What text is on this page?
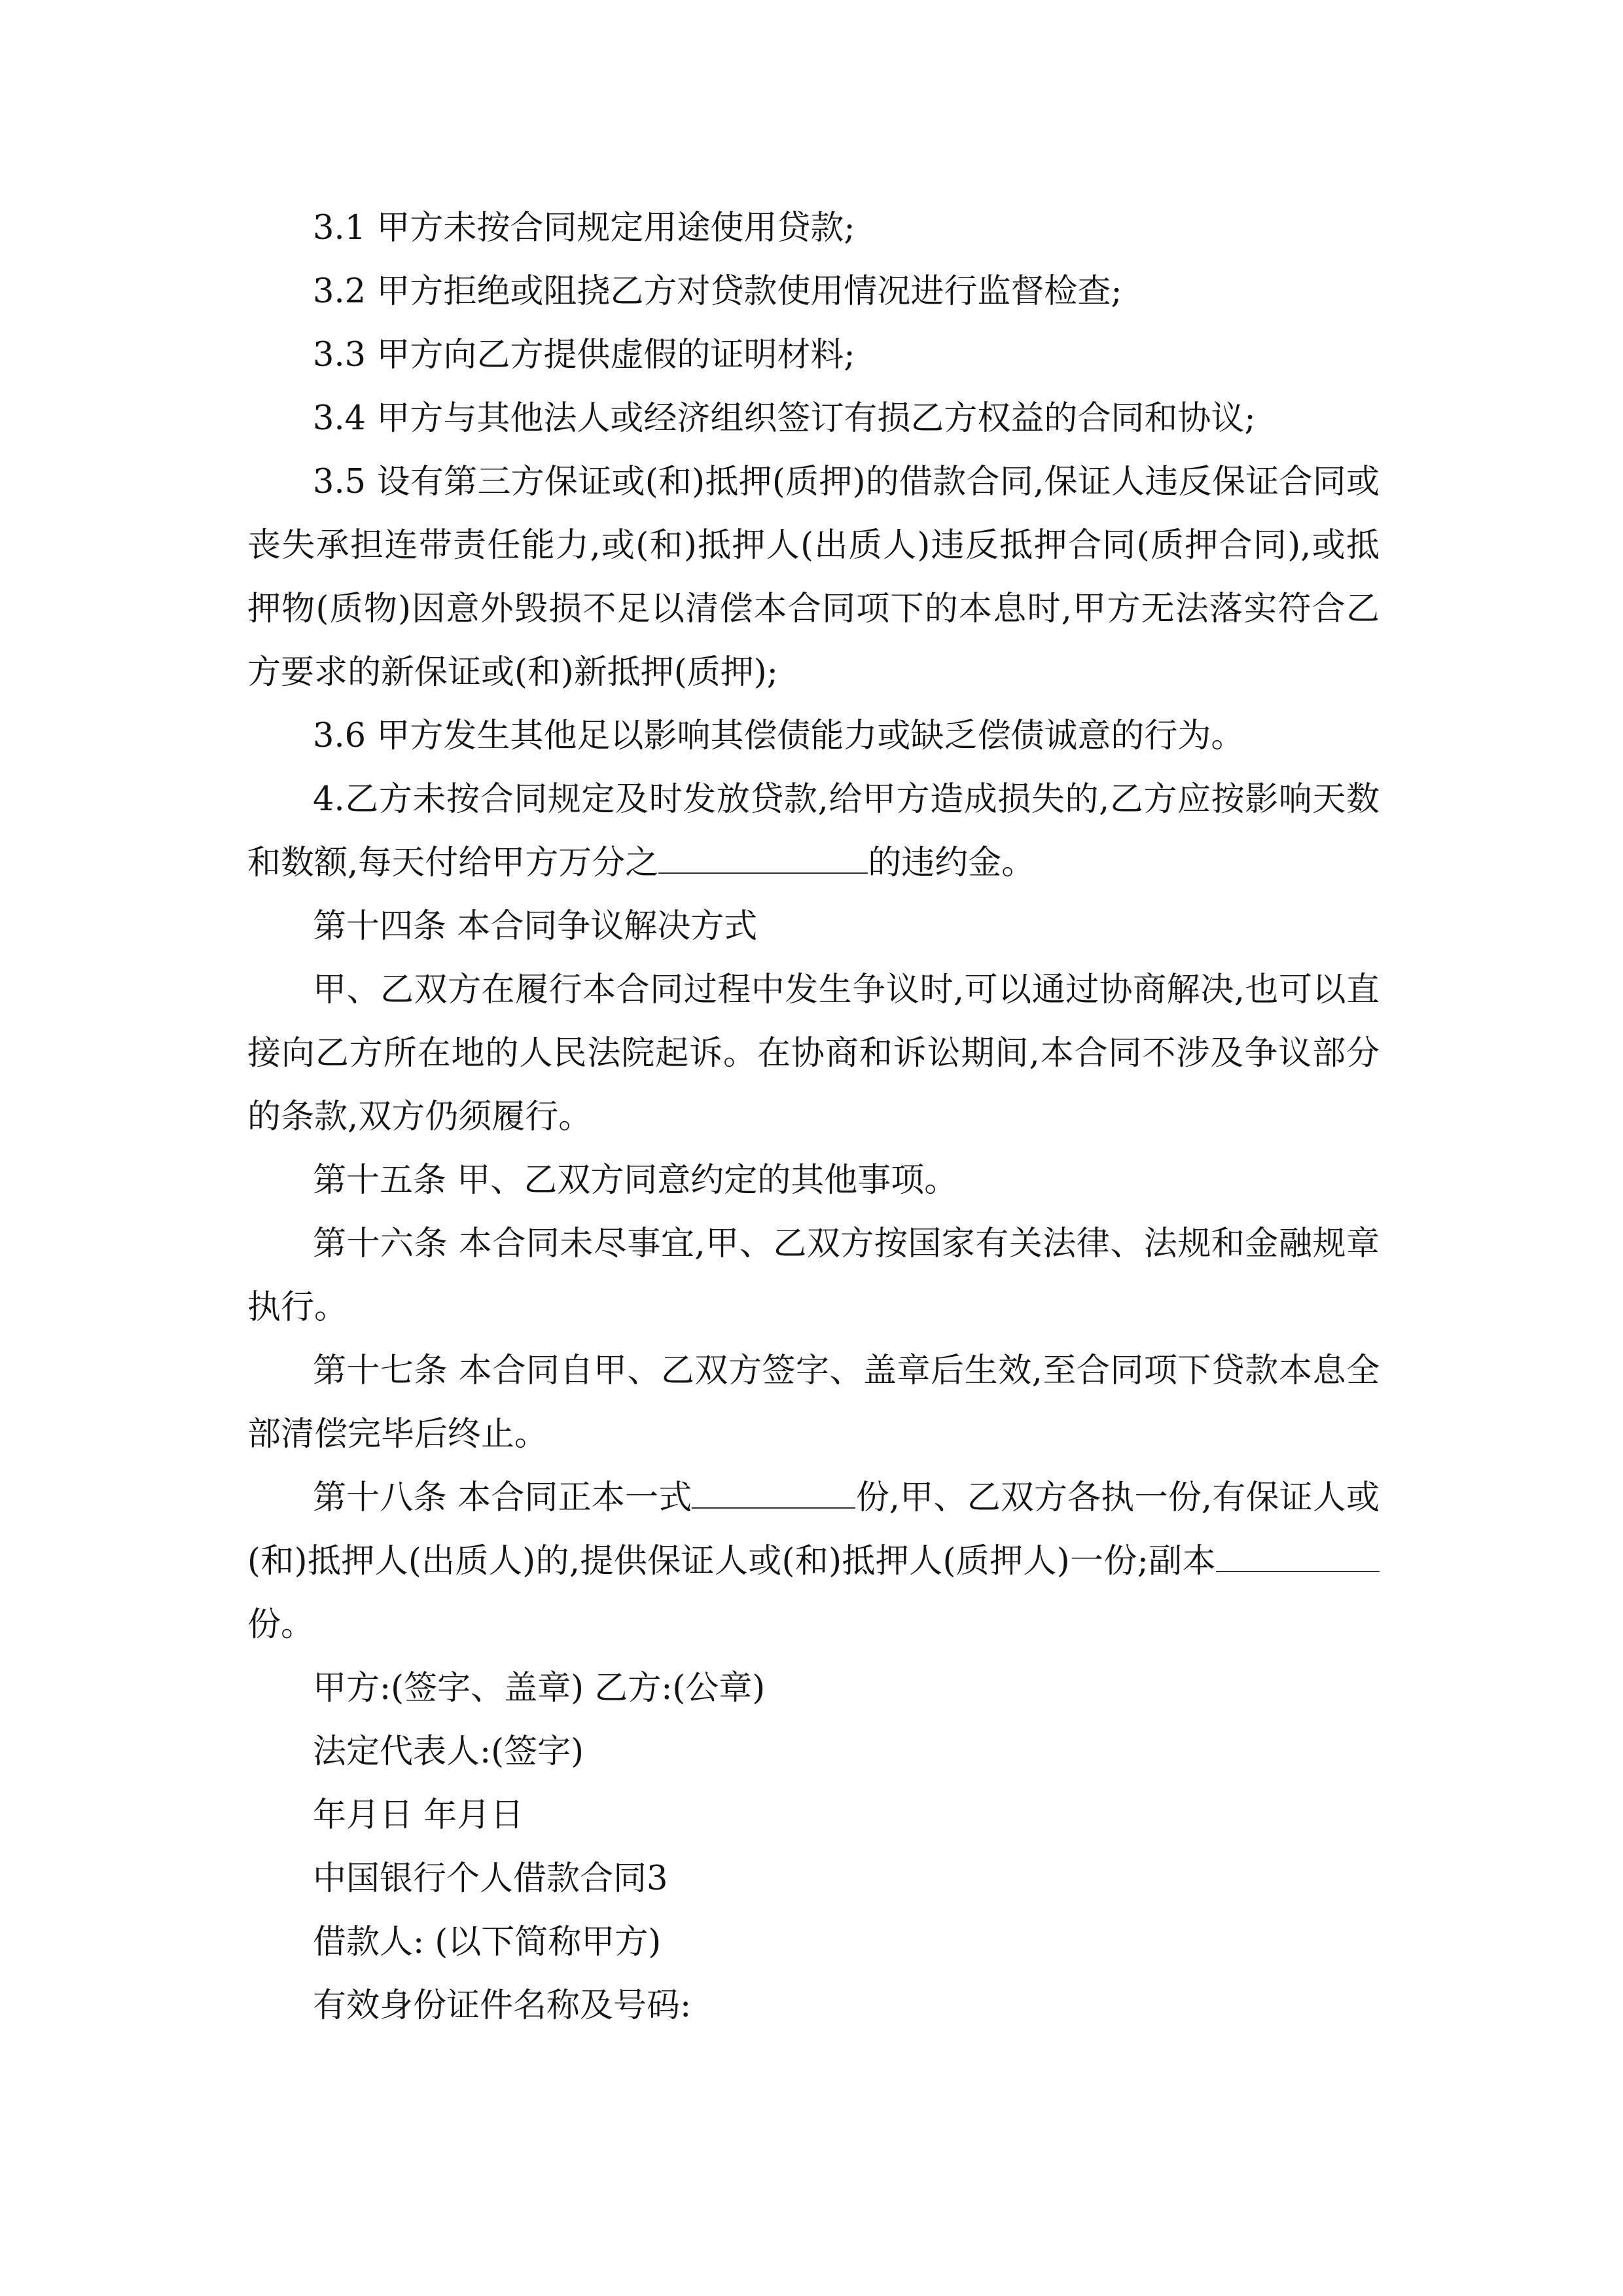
3.1 甲方未按合同规定用途使用贷款;

3.2 甲方拒绝或阻挠乙方对贷款使用情况进行监督检查;

3.3 甲方向乙方提供虚假的证明材料;

3.4 甲方与其他法人或经济组织签订有损乙方权益的合同和协议;

3.5 设有第三方保证或(和)抵押(质押)的借款合同,保证人违反保证合同或丧失承担连带责任能力,或(和)抵押人(出质人)违反抵押合同(质押合同),或抵押物(质物)因意外毁损不足以清偿本合同项下的本息时,甲方无法落实符合乙方要求的新保证或(和)新抵押(质押);

3.6 甲方发生其他足以影响其偿债能力或缺乏偿债诚意的行为。

4.乙方未按合同规定及时发放贷款,给甲方造成损失的,乙方应按影响天数和数额,每天付给甲方万分之	的违约金。

第十四条 本合同争议解决方式

甲、乙双方在履行本合同过程中发生争议时,可以通过协商解决,也可以直接向乙方所在地的人民法院起诉。在协商和诉讼期间,本合同不涉及争议部分的条款,双方仍须履行。

第十五条 甲、乙双方同意约定的其他事项。

第十六条 本合同未尽事宜,甲、乙双方按国家有关法律、法规和金融规章执行。

第十七条 本合同自甲、乙双方签字、盖章后生效,至合同项下贷款本息全部清偿完毕后终止。

第十八条 本合同正本一式	份,甲、乙双方各执一份,有保证人或(和)抵押人(出质人)的,提供保证人或(和)抵押人(质押人)一份;副本份。

甲方:(签字、盖章) 乙方:(公章)

法定代表人:(签字)

年月日 年月日

中国银行个人借款合同3

借款人: (以下简称甲方)

有效身份证件名称及号码:
